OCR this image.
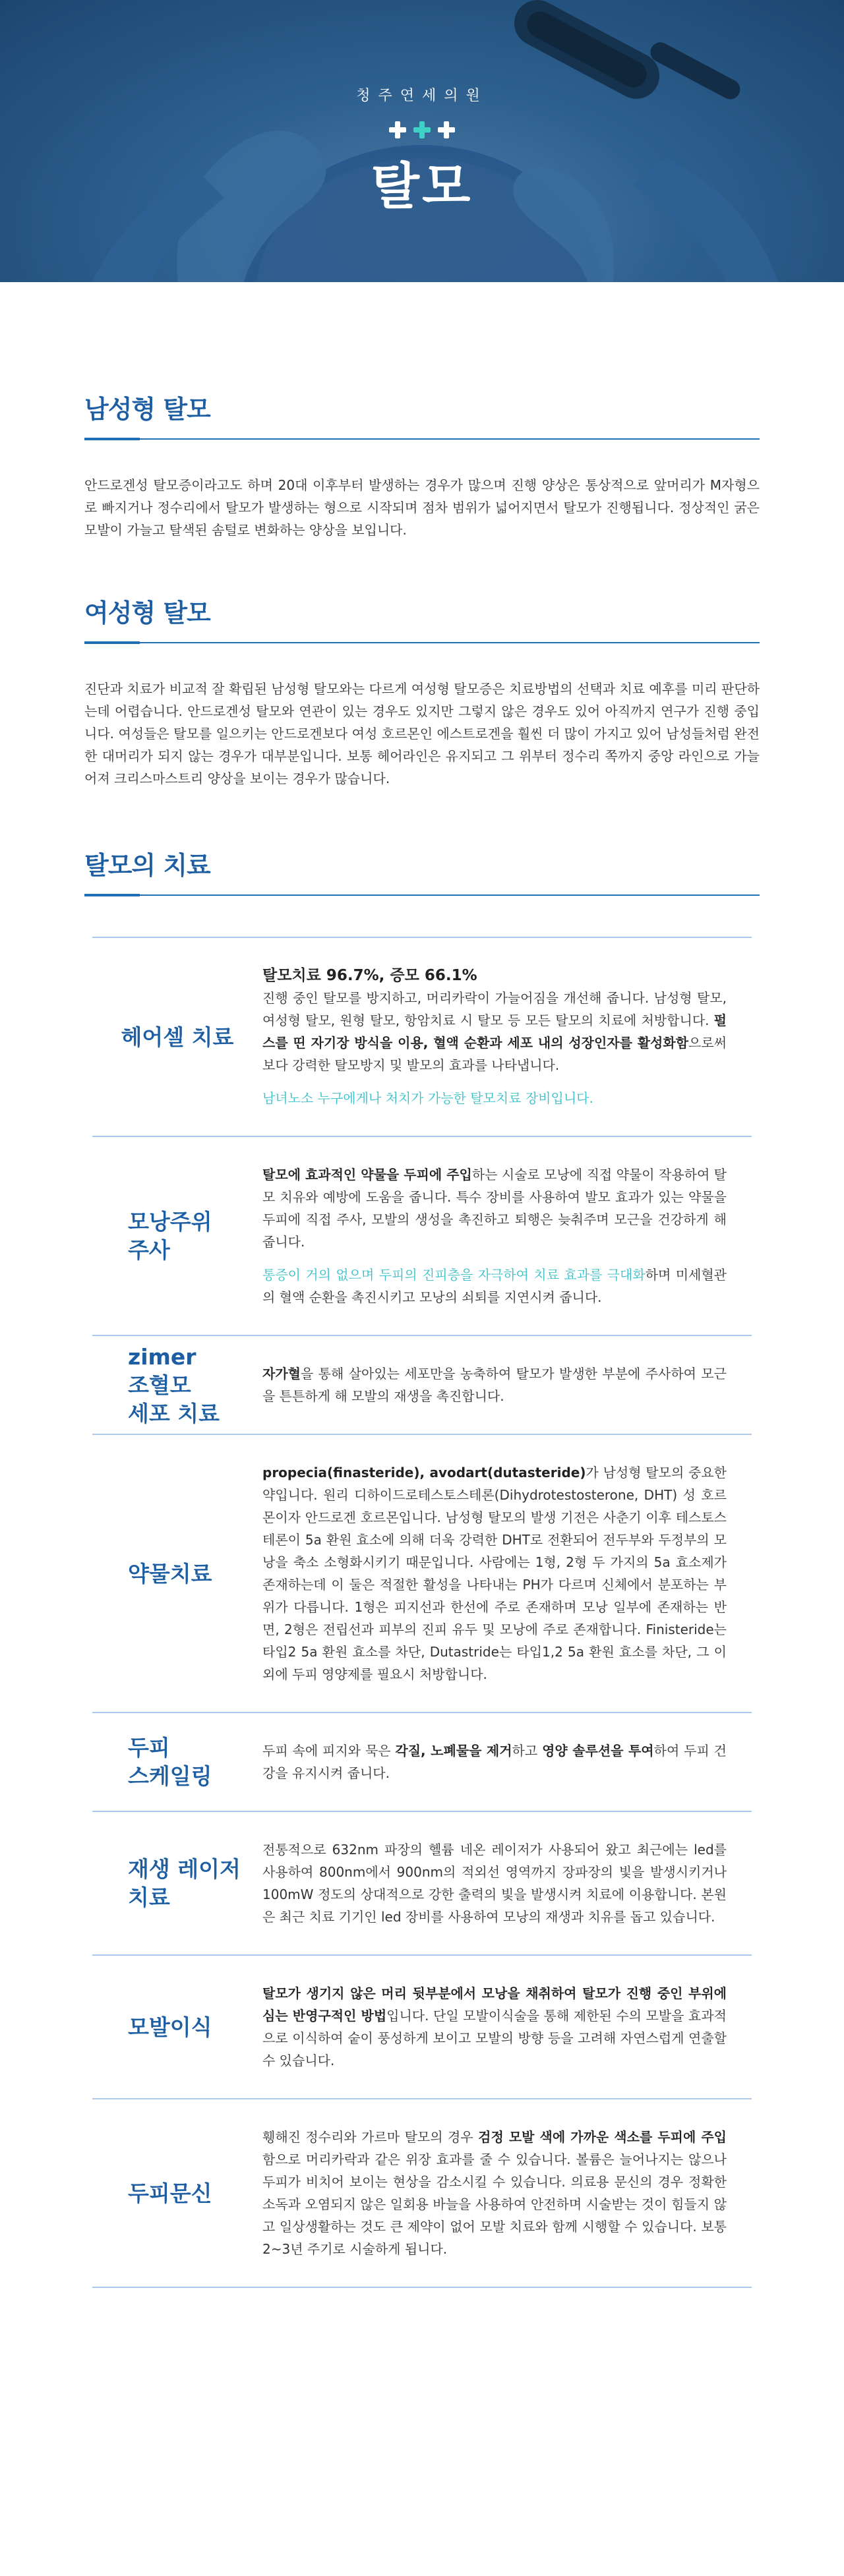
청주연세의원
탈모
남성형 탈모

안드로겐성 탈모증이라고도 하며 20대 이후부터 발생하는 경우가 많으며 진행 양상은 통상적으로 앞머리가 M자형으로 빠지거나 정수리에서 탈모가 발생하는 형으로 시작되며 점차 범위가 넓어지면서 탈모가 진행됩니다. 정상적인 굵은 모발이 가늘고 탈색된 솜털로 변화하는 양상을 보입니다.

여성형 탈모

진단과 치료가 비교적 잘 확립된 남성형 탈모와는 다르게 여성형 탈모증은 치료방법의 선택과 치료 예후를 미리 판단하는데 어렵습니다. 안드로겐성 탈모와 연관이 있는 경우도 있지만 그렇지 않은 경우도 있어 아직까지 연구가 진행 중입니다. 여성들은 탈모를 일으키는 안드로겐보다 여성 호르몬인 에스트로겐을 훨씬 더 많이 가지고 있어 남성들처럼 완전한 대머리가 되지 않는 경우가 대부분입니다. 보통 헤어라인은 유지되고 그 위부터 정수리 쪽까지 중앙 라인으로 가늘어져 크리스마스트리 양상을 보이는 경우가 많습니다.

탈모의 치료
헤어셀 치료

탈모치료 96.7%, 증모 66.1%

진행 중인 탈모를 방지하고, 머리카락이 가늘어짐을 개선해 줍니다. 남성형 탈모, 여성형 탈모, 원형 탈모, 항암치료 시 탈모 등 모든 탈모의 치료에 처방합니다. 펄스를 띤 자기장 방식을 이용, 혈액 순환과 세포 내의 성장인자를 활성화함으로써 보다 강력한 탈모방지 및 발모의 효과를 나타냅니다.

남녀노소 누구에게나 처치가 가능한 탈모치료 장비입니다.

모낭주위
주사

탈모에 효과적인 약물을 두피에 주입하는 시술로 모낭에 직접 약물이 작용하여 탈모 치유와 예방에 도움을 줍니다. 특수 장비를 사용하여 발모 효과가 있는 약물을 두피에 직접 주사, 모발의 생성을 촉진하고 퇴행은 늦춰주며 모근을 건강하게 해줍니다.

통증이 거의 없으며 두피의 진피층을 자극하여 치료 효과를 극대화하며 미세혈관의 혈액 순환을 촉진시키고 모낭의 쇠퇴를 지연시켜 줍니다.

zimer
조혈모
세포 치료

자가혈을 통해 살아있는 세포만을 농축하여 탈모가 발생한 부분에 주사하여 모근을 튼튼하게 해 모발의 재생을 촉진합니다.

약물치료

propecia(finasteride), avodart(dutasteride)가 남성형 탈모의 중요한 약입니다. 원리 디하이드로테스토스테론(Dihydrotestosterone, DHT) 성 호르몬이자 안드로겐 호르몬입니다. 남성형 탈모의 발생 기전은 사춘기 이후 테스토스테론이 5a 환원 효소에 의해 더욱 강력한 DHT로 전환되어 전두부와 두정부의 모낭을 축소 소형화시키기 때문입니다. 사람에는 1형, 2형 두 가지의 5a 효소제가 존재하는데 이 둘은 적절한 활성을 나타내는 PH가 다르며 신체에서 분포하는 부위가 다릅니다. 1형은 피지선과 한선에 주로 존재하며 모낭 일부에 존재하는 반면, 2형은 전립선과 피부의 진피 유두 및 모낭에 주로 존재합니다. Finisteride는 타입2 5a 환원 효소를 차단, Dutastride는 타입1,2 5a 환원 효소를 차단, 그 이외에 두피 영양제를 필요시 처방합니다.

두피
스케일링

두피 속에 피지와 묵은 각질, 노폐물을 제거하고 영양 솔루션을 투여하여 두피 건강을 유지시켜 줍니다.

재생 레이저
치료

전통적으로 632nm 파장의 헬륨 네온 레이저가 사용되어 왔고 최근에는 led를 사용하여 800nm에서 900nm의 적외선 영역까지 장파장의 빛을 발생시키거나 100mW 정도의 상대적으로 강한 출력의 빛을 발생시켜 치료에 이용합니다. 본원은 최근 치료 기기인 led 장비를 사용하여 모낭의 재생과 치유를 돕고 있습니다.

모발이식

탈모가 생기지 않은 머리 뒷부분에서 모낭을 채취하여 탈모가 진행 중인 부위에 심는 반영구적인 방법입니다. 단일 모발이식술을 통해 제한된 수의 모발을 효과적으로 이식하여 숱이 풍성하게 보이고 모발의 방향 등을 고려해 자연스럽게 연출할 수 있습니다.

두피문신

휑해진 정수리와 가르마 탈모의 경우 검정 모발 색에 가까운 색소를 두피에 주입함으로 머리카락과 같은 위장 효과를 줄 수 있습니다. 볼륨은 늘어나지는 않으나 두피가 비치어 보이는 현상을 감소시킬 수 있습니다. 의료용 문신의 경우 정확한 소독과 오염되지 않은 일회용 바늘을 사용하여 안전하며 시술받는 것이 힘들지 않고 일상생활하는 것도 큰 제약이 없어 모발 치료와 함께 시행할 수 있습니다. 보통 2~3년 주기로 시술하게 됩니다.
